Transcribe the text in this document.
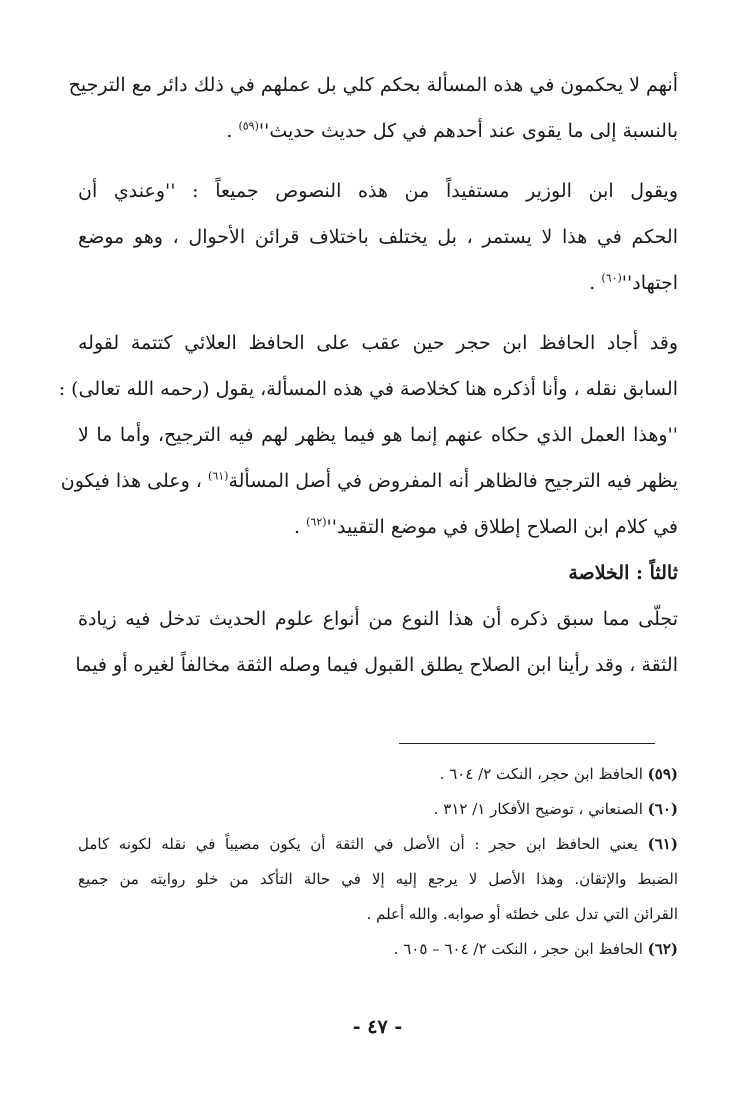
أنهم لا يحكمون في هذه المسألة بحكم كلي بل عملهم في ذلك دائر مع الترجيح
بالنسبة إلى ما يقوى عند أحدهم في كل حديث $حديث''^{(٥٩)}$ .
ويقول ابن الوزير مستفيداً من هذه النصوص جميعاً : ''وعندي أن
الحكم في هذا لا يستمر ، بل يختلف باختلاف قرائن الأحوال ، وهو موضع
$اجتهاد''^{(٦٠)}$ .
وقد أجاد الحافظ ابن حجر حين عقب على الحافظ العلائي كتتمة لقوله
السابق نقله ، وأنا أذكره هنا كخلاصة في هذه المسألة، يقول (رحمه الله تعالى) :
''وهذا العمل الذي حكاه عنهم إنما هو فيما يظهر لهم فيه الترجيح، وأما ما لا
يظهر فيه الترجيح فالظاهر أنه المفروض في أصل المسألة$^{(٦١)}$ ، وعلى هذا فيكون
في كلام ابن الصلاح إطلاق في موضع $التقييد''^{(٦٢)}$ .
ثالثاً : الخلاصة
تجلّى مما سبق ذكره أن هذا النوع من أنواع علوم الحديث تدخل فيه زيادة
الثقة ، وقد رأينا ابن الصلاح يطلق القبول فيما وصله الثقة مخالفاً لغيره أو فيما
(٥٩) الحافظ ابن حجر، النكت ٢/ ٦٠٤ .
(٦٠) الصنعاني ، توضيح الأفكار ١/ ٣١٢ .
(٦١) يعني الحافظ ابن حجر : أن الأصل في الثقة أن يكون مصيباً في نقله لكونه كامل
الضبط والإتقان. وهذا الأصل لا يرجع إليه إلا في حالة التأكد من خلو روايته من جميع
القرائن التي تدل على خطئه أو صوابه. والله أعلم .
(٦٢) الحافظ ابن حجر ، النكت ٢/ ٦٠٤ – ٦٠٥ .
- ٤٧ -
